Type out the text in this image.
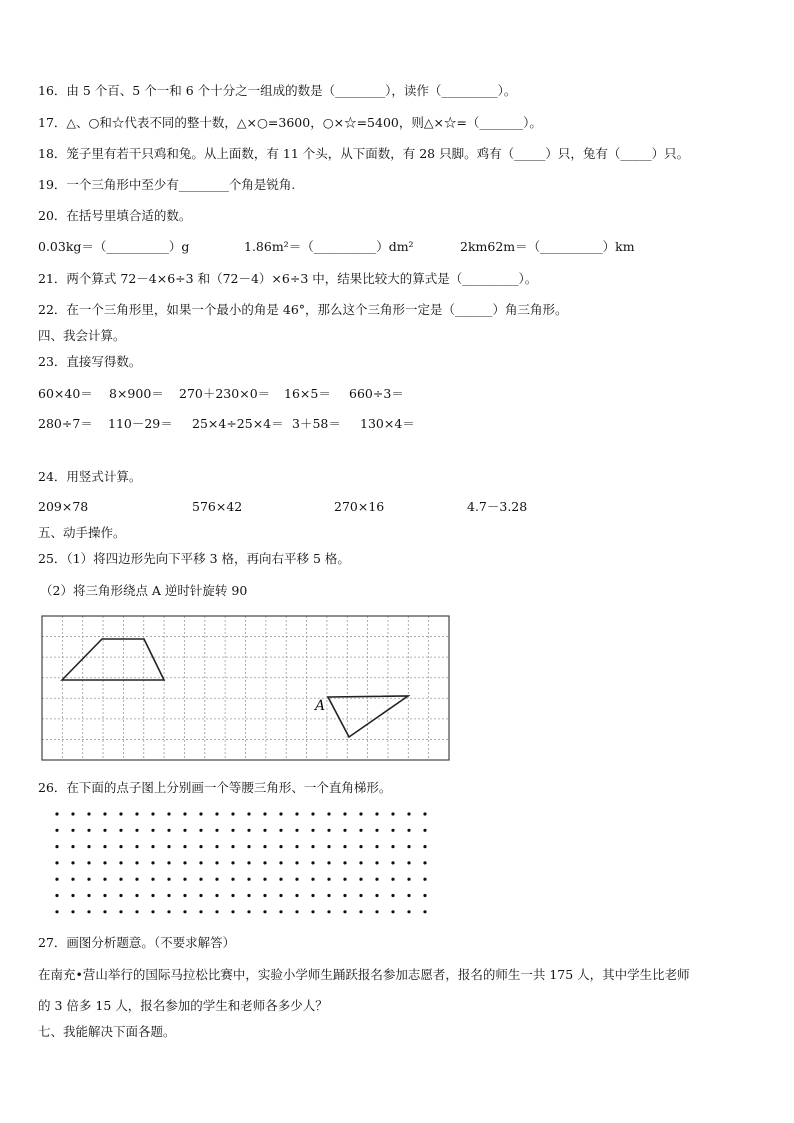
16．由 5 个百、5 个一和 6 个十分之一组成的数是（________），读作（_________）。
17．△、○和☆代表不同的整十数，△×○=3600，○×☆=5400，则△×☆=（_______）。
18．笼子里有若干只鸡和兔。从上面数，有 11 个头，从下面数，有 28 只脚。鸡有（_____）只，兔有（_____）只。
19．一个三角形中至少有________个角是锐角.
20．在括号里填合适的数。
0.03kg＝（__________）g	1.86m²＝（__________）dm²	2km62m＝（__________）km
21．两个算式 72－4×6÷3 和（72－4）×6÷3 中，结果比较大的算式是（_________）。
22．在一个三角形里，如果一个最小的角是 46°，那么这个三角形一定是（______）角三角形。
四、我会计算。
23．直接写得数。
60×40＝ 8×900＝ 270＋230×0＝ 16×5＝ 660÷3＝
280÷7＝ 110－29＝ 25×4÷25×4＝ 3＋58＝ 130×4＝
24．用竖式计算。
209×78	576×42	270×16	4.7－3.28
五、动手操作。
25．（1）将四边形先向下平移 3 格，再向右平移 5 格。
（2）将三角形绕点 A 逆时针旋转 90
A
26．在下面的点子图上分别画一个等腰三角形、一个直角梯形。
27．画图分析题意。（不要求解答）
在南充•营山举行的国际马拉松比赛中，实验小学师生踊跃报名参加志愿者，报名的师生一共 175 人，其中学生比老师
的 3 倍多 15 人，报名参加的学生和老师各多少人？
七、我能解决下面各题。
